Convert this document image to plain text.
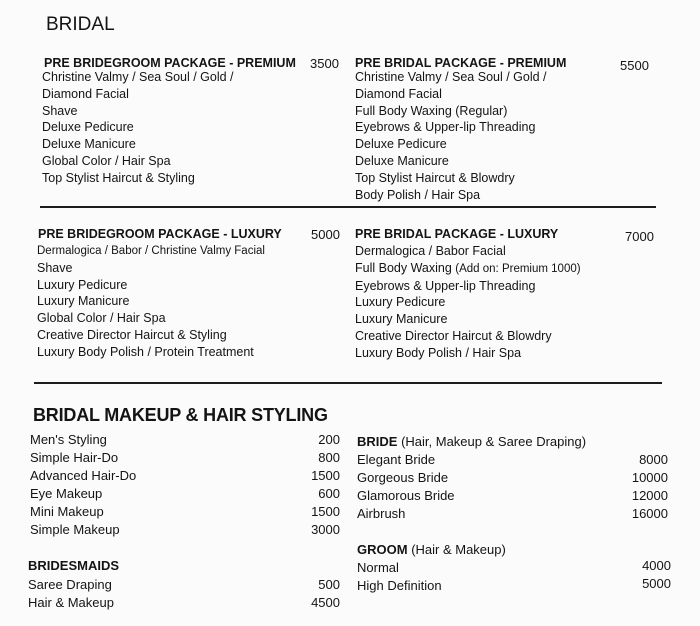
BRIDAL
PRE BRIDEGROOM PACKAGE - PREMIUM 3500
Christine Valmy / Sea Soul / Gold /
Diamond Facial
Shave
Deluxe Pedicure
Deluxe Manicure
Global Color / Hair Spa
Top Stylist Haircut & Styling
PRE BRIDAL PACKAGE - PREMIUM	5500
Christine Valmy / Sea Soul / Gold /
Diamond Facial
Full Body Waxing (Regular)
Eyebrows & Upper-lip Threading
Deluxe Pedicure
Deluxe Manicure
Top Stylist Haircut & Blowdry
Body Polish / Hair Spa
PRE BRIDEGROOM PACKAGE - LUXURY 5000
Dermalogica / Babor / Christine Valmy Facial
Shave
Luxury Pedicure
Luxury Manicure
Global Color / Hair Spa
Creative Director Haircut & Styling
Luxury Body Polish / Protein Treatment
PRE BRIDAL PACKAGE - LUXURY	7000
Dermalogica / Babor Facial
Full Body Waxing (Add on: Premium 1000)
Eyebrows & Upper-lip Threading
Luxury Pedicure
Luxury Manicure
Creative Director Haircut & Blowdry
Luxury Body Polish / Hair Spa
BRIDAL MAKEUP & HAIR STYLING
Men's Styling
Simple Hair-Do
Advanced Hair-Do
Eye Makeup
Mini Makeup
Simple Makeup
200
800
1500
600
1500
3000
BRIDESMAIDS
Saree Draping
Hair & Makeup
500
4500
BRIDE (Hair, Makeup & Saree Draping)
Elegant Bride
Gorgeous Bride
Glamorous Bride
Airbrush
8000
10000
12000
16000
GROOM (Hair & Makeup)
Normal
High Definition
4000
5000
